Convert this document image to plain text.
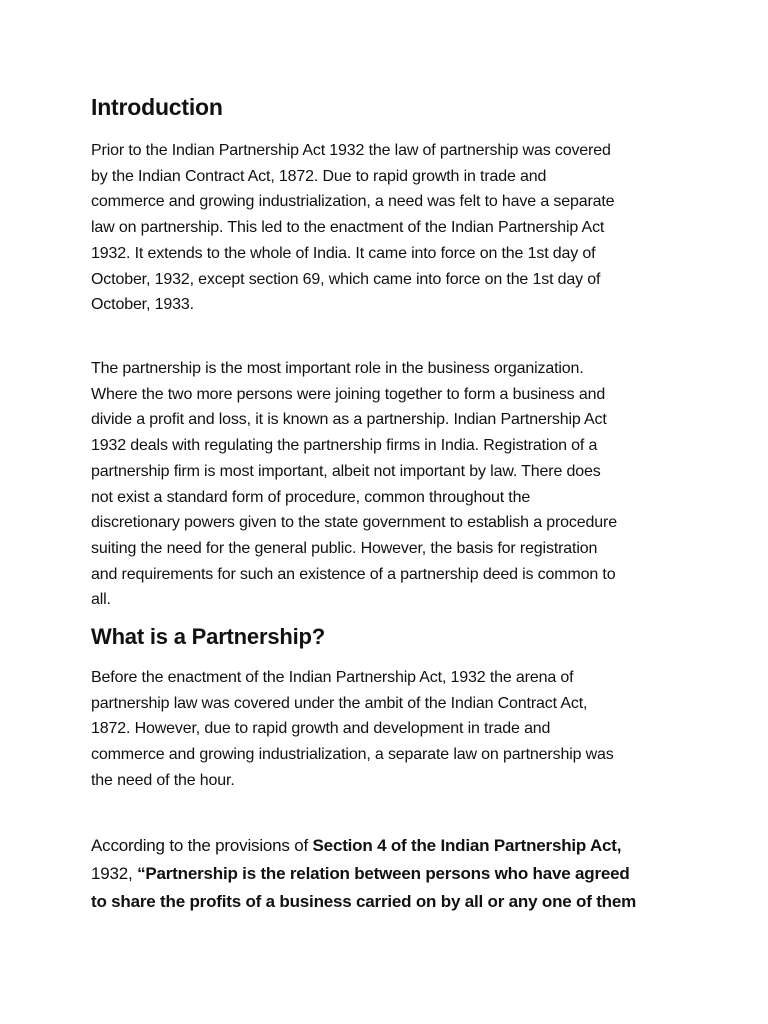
Introduction
Prior to the Indian Partnership Act 1932 the law of partnership was covered
by the Indian Contract Act, 1872. Due to rapid growth in trade and
commerce and growing industrialization, a need was felt to have a separate
law on partnership. This led to the enactment of the Indian Partnership Act
1932. It extends to the whole of India. It came into force on the 1st day of
October, 1932, except section 69, which came into force on the 1st day of
October, 1933.
The partnership is the most important role in the business organization.
Where the two more persons were joining together to form a business and
divide a profit and loss, it is known as a partnership. Indian Partnership Act
1932 deals with regulating the partnership firms in India. Registration of a
partnership firm is most important, albeit not important by law. There does
not exist a standard form of procedure, common throughout the
discretionary powers given to the state government to establish a procedure
suiting the need for the general public. However, the basis for registration
and requirements for such an existence of a partnership deed is common to
all.
What is a Partnership?
Before the enactment of the Indian Partnership Act, 1932 the arena of
partnership law was covered under the ambit of the Indian Contract Act,
1872. However, due to rapid growth and development in trade and
commerce and growing industrialization, a separate law on partnership was
the need of the hour.
According to the provisions of Section 4 of the Indian Partnership Act,
1932, “Partnership is the relation between persons who have agreed
to share the profits of a business carried on by all or any one of them
